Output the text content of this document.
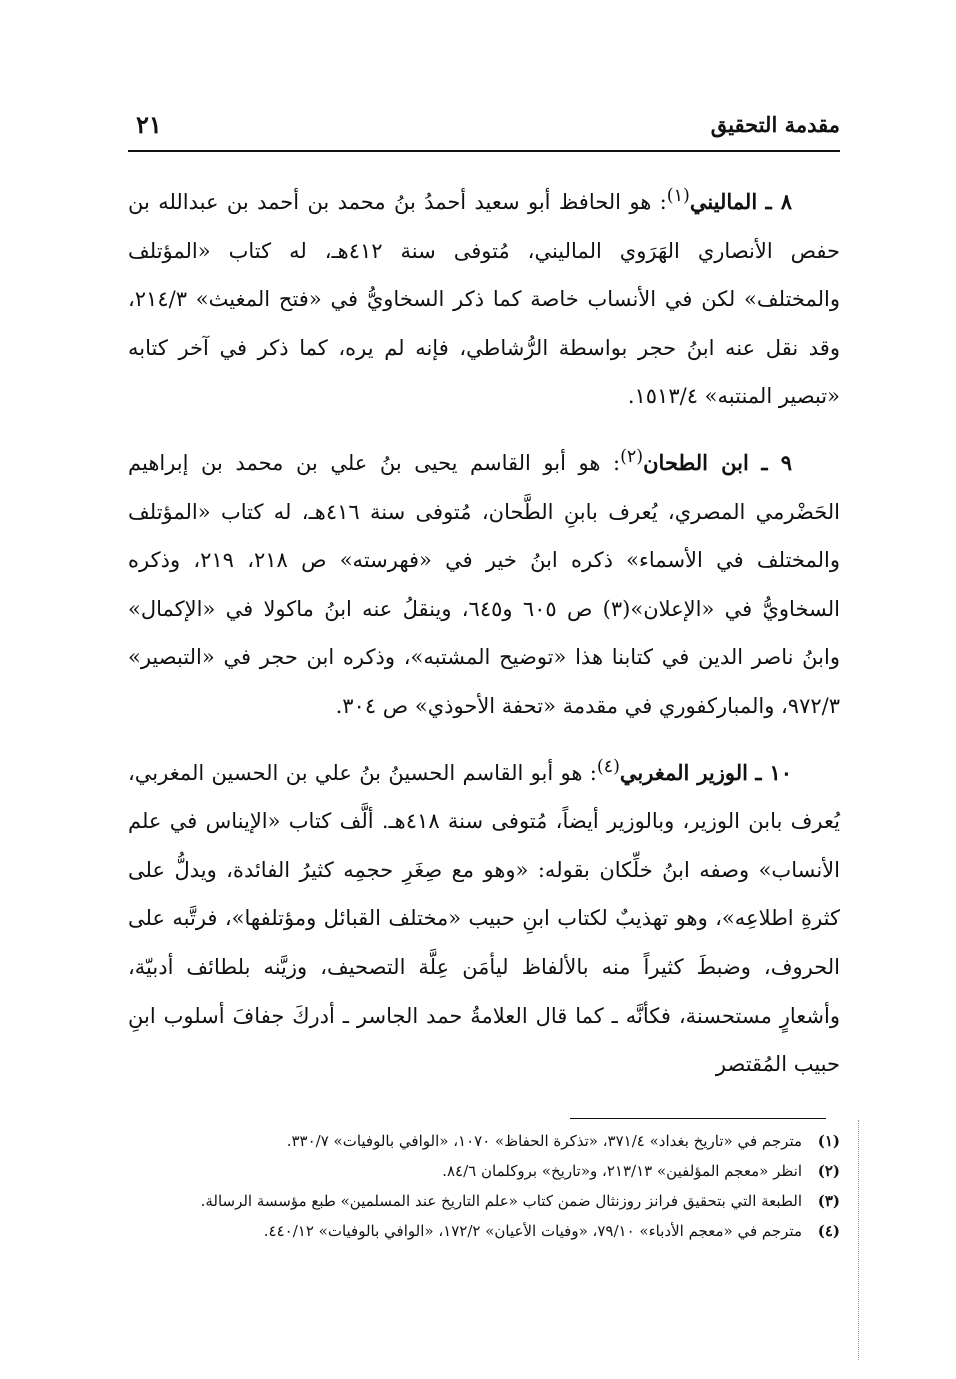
مقدمة التحقيق
٢١

٨ ـ الماليني$^{(١)}$: هو الحافظ أبو سعيد أحمدُ بنُ محمد بن أحمد بن عبدالله بن حفص الأنصاري الهَرَوي الماليني، مُتوفى سنة ٤١٢هـ، له كتاب «المؤتلف والمختلف» لكن في الأنساب خاصة كما ذكر السخاويُّ في «فتح المغيث» ٢١٤/٣، وقد نقل عنه ابنُ حجر بواسطة الرُّشاطي، فإنه لم يره، كما ذكر في آخر كتابه «تبصير المنتبه» ١٥١٣/٤.

٩ ـ ابن الطحان$^{(٢)}$: هو أبو القاسم يحيى بنُ علي بن محمد بن إبراهيم الحَضْرمي المصري، يُعرف بابنِ الطَّحان، مُتوفى سنة ٤١٦هـ، له كتاب «المؤتلف والمختلف في الأسماء» ذكره ابنُ خير في «فهرسته» ص ٢١٨، ٢١٩، وذكره السخاويُّ في «الإعلان»(٣) ص ٦٠٥ و٦٤٥، وينقلُ عنه ابنُ ماكولا في «الإكمال» وابنُ ناصر الدين في كتابنا هذا «توضيح المشتبه»، وذكره ابن حجر في «التبصير» ٩٧٢/٣، والمباركفوري في مقدمة «تحفة الأحوذي» ص ٣٠٤.

١٠ ـ الوزير المغربي$^{(٤)}$: هو أبو القاسم الحسينُ بنُ علي بن الحسين المغربي، يُعرف بابن الوزير، وبالوزير أيضاً، مُتوفى سنة ٤١٨هـ. ألَّف كتاب «الإيناس في علم الأنساب» وصفه ابنُ خلِّكان بقوله: «وهو مع صِغَرِ حجمِه كثيرُ الفائدة، ويدلُّ على كثرةِ اطلاعِه»، وهو تهذيبٌ لكتاب ابنِ حبيب «مختلف القبائل ومؤتلفها»، فرتَّبه على الحروف، وضبطَ كثيراً منه بالألفاظ ليأمَن عِلَّة التصحيف، وزيَّنه بلطائف أدبيّة، وأشعارٍ مستحسنة، فكأنَّه ـ كما قال العلامةُ حمد الجاسر ـ أدركَ جفافَ أسلوب ابنِ حبيب المُقتصر

(١)
مترجم في «تاريخ بغداد» ٣٧١/٤، «تذكرة الحفاظ» ١٠٧٠، «الوافي بالوفيات» ٣٣٠/٧.

(٢)
انظر «معجم المؤلفين» ٢١٣/١٣، و«تاريخ» بروكلمان ٨٤/٦.

(٣)
الطبعة التي بتحقيق فرانز روزنثال ضمن كتاب «علم التاريخ عند المسلمين» طبع مؤسسة الرسالة.

(٤)
مترجم في «معجم الأدباء» ٧٩/١٠، «وفيات الأعيان» ١٧٢/٢، «الوافي بالوفيات» ٤٤٠/١٢.
